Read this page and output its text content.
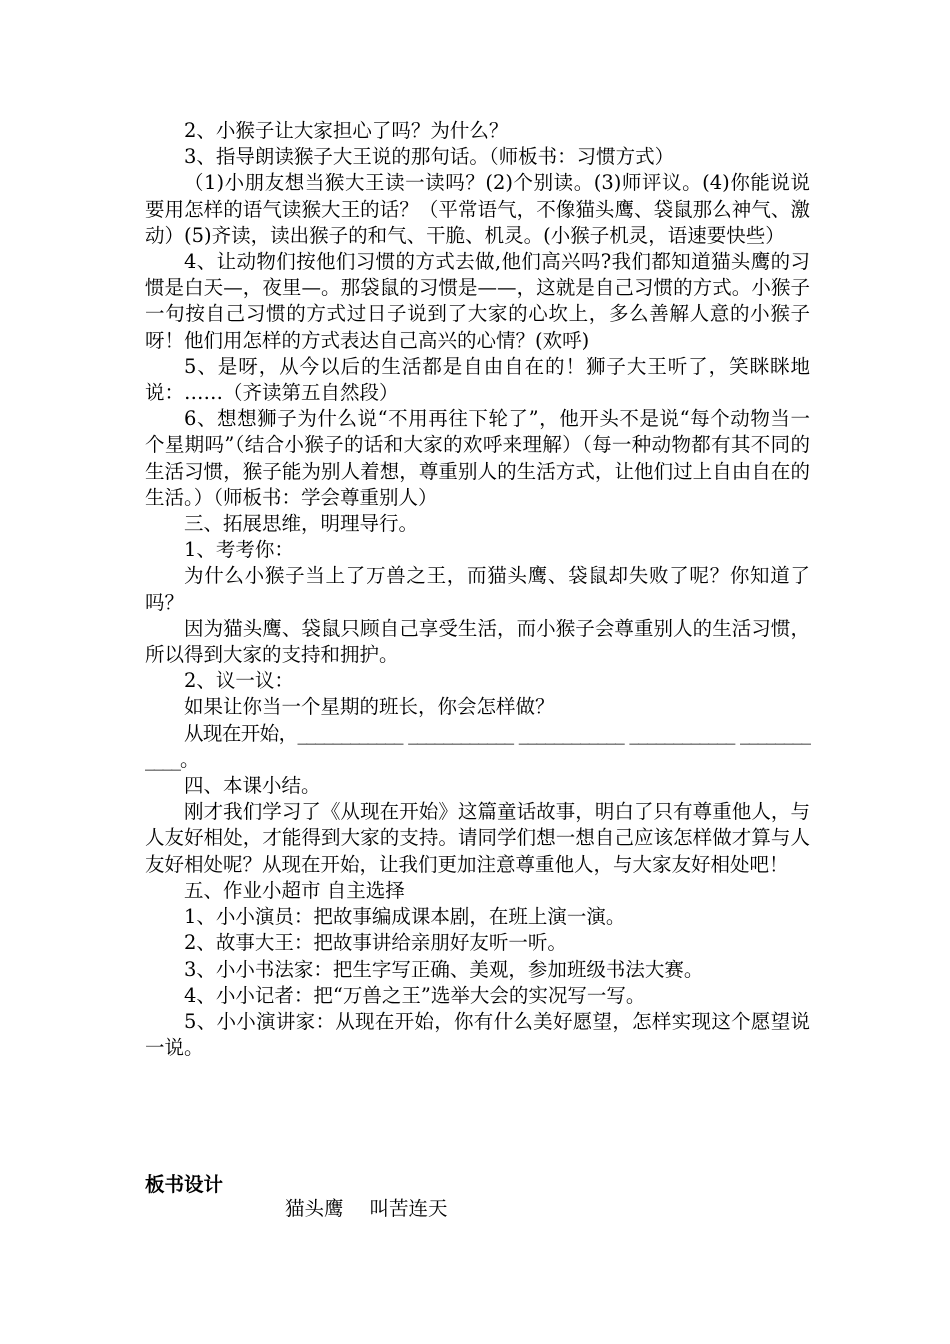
2、小猴子让大家担心了吗？为什么？

3、指导朗读猴子大王说的那句话。（师板书：习惯方式）

（1)小朋友想当猴大王读一读吗？(2)个别读。(3)师评议。(4)你能说说要用怎样的语气读猴大王的话？（平常语气，不像猫头鹰、袋鼠那么神气、激动）(5)齐读，读出猴子的和气、干脆、机灵。(小猴子机灵，语速要快些）

4、让动物们按他们习惯的方式去做,他们高兴吗?我们都知道猫头鹰的习惯是白天—，夜里—。那袋鼠的习惯是——，这就是自己习惯的方式。小猴子一句按自己习惯的方式过日子说到了大家的心坎上，多么善解人意的小猴子呀！他们用怎样的方式表达自己高兴的心情？(欢呼)

5、是呀，从今以后的生活都是自由自在的！狮子大王听了，笑眯眯地说：……（齐读第五自然段）

6、想想狮子为什么说“不用再往下轮了”，他开头不是说“每个动物当一个星期吗”（结合小猴子的话和大家的欢呼来理解）（每一种动物都有其不同的生活习惯，猴子能为别人着想，尊重别人的生活方式，让他们过上自由自在的生活。）（师板书：学会尊重别人）

三、拓展思维，明理导行。

1、考考你：

为什么小猴子当上了万兽之王，而猫头鹰、袋鼠却失败了呢？你知道了吗？

因为猫头鹰、袋鼠只顾自己享受生活，而小猴子会尊重别人的生活习惯，所以得到大家的支持和拥护。

2、议一议：

如果让你当一个星期的班长，你会怎样做？

从现在开始，____________ ____________ ____________ ____________ ____________。

四、本课小结。

刚才我们学习了《从现在开始》这篇童话故事，明白了只有尊重他人，与人友好相处，才能得到大家的支持。请同学们想一想自己应该怎样做才算与人友好相处呢？从现在开始，让我们更加注意尊重他人，与大家友好相处吧！

五、作业小超市 自主选择

1、小小演员：把故事编成课本剧，在班上演一演。

2、故事大王：把故事讲给亲朋好友听一听。

3、小小书法家：把生字写正确、美观，参加班级书法大赛。

4、小小记者：把“万兽之王”选举大会的实况写一写。

5、小小演讲家：从现在开始，你有什么美好愿望，怎样实现这个愿望说一说。

板书设计

猫头鹰 叫苦连天
